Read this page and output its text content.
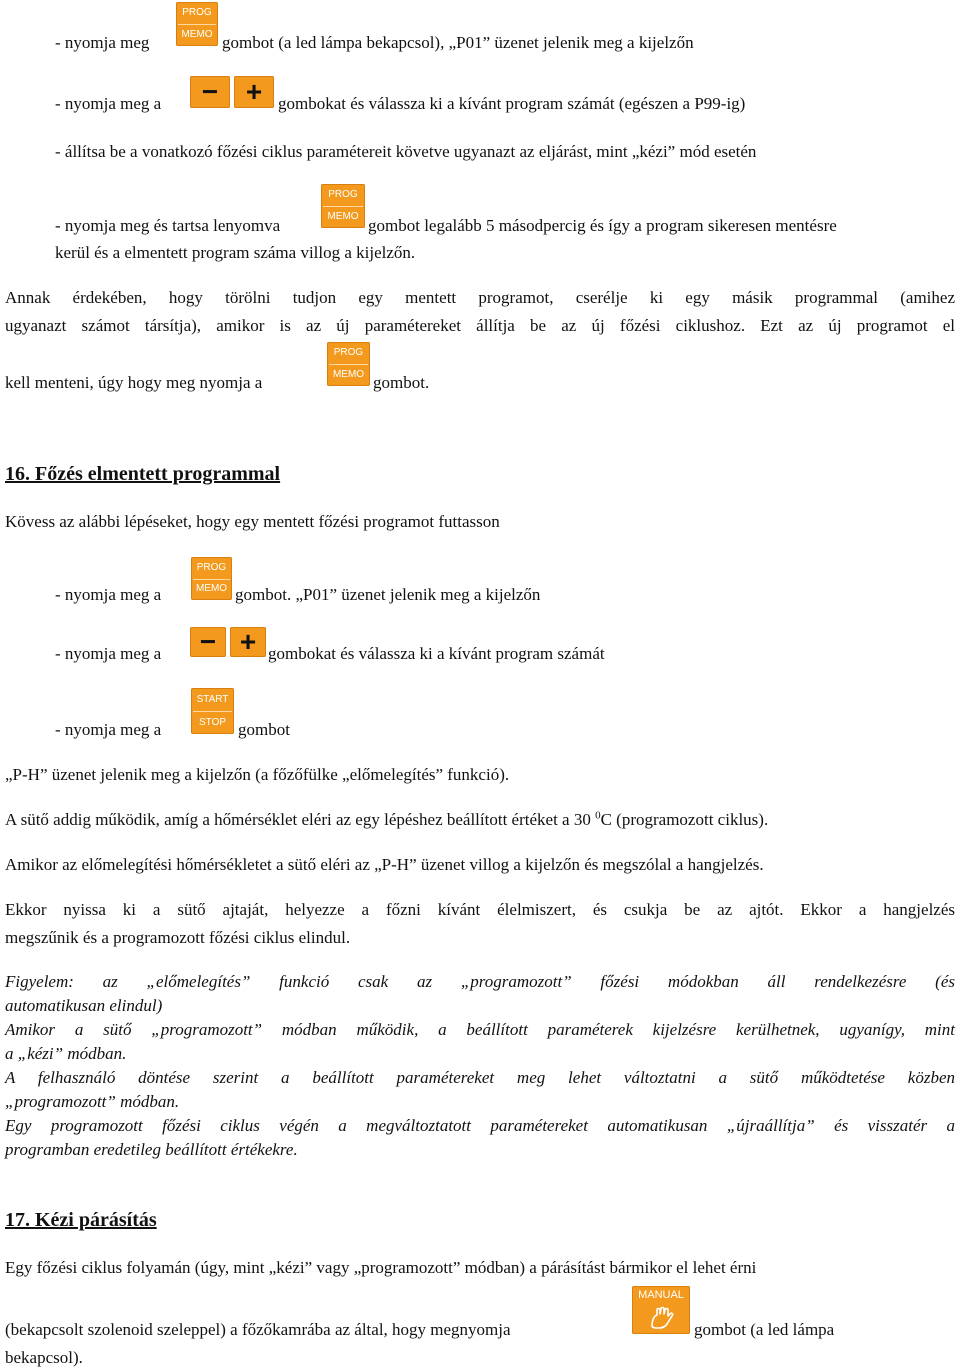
- nyomja meg
PROG
MEMO gombot (a led lámpa bekapcsol), „P01” üzenet jelenik meg a kijelzőn
- nyomja meg a	− + gombokat és válassza ki a kívánt program számát (egészen a P99-ig)
- állítsa be a vonatkozó főzési ciklus paramétereit követve ugyanazt az eljárást, mint „kézi” mód esetén
- nyomja meg és tartsa lenyomva
PROG
MEMO gombot legalább 5 másodpercig és így a program sikeresen mentésre
kerül és a elmentett program száma villog a kijelzőn.
Annak érdekében, hogy törölni tudjon egy mentett programot, cserélje ki egy másik programmal (amihez
ugyanazt számot társítja), amikor is az új paramétereket állítja be az új főzési ciklushoz. Ezt az új programot el
kell menteni, úgy hogy meg nyomja a
PROG
MEMO gombot.
16. Főzés elmentett programmal
Kövess az alábbi lépéseket, hogy egy mentett főzési programot futtasson
- nyomja meg a
PROG
MEMO gombot. „P01” üzenet jelenik meg a kijelzőn
- nyomja meg a	− + gombokat és válassza ki a kívánt program számát
- nyomja meg a
START
STOP gombot
„P-H” üzenet jelenik meg a kijelzőn (a főzőfülke „előmelegítés” funkció).
A sütő addig működik, amíg a hőmérséklet eléri az egy lépéshez beállított értéket a 30 $^0$C (programozott ciklus).
Amikor az előmelegítési hőmérsékletet a sütő eléri az „P-H” üzenet villog a kijelzőn és megszólal a hangjelzés.
Ekkor nyissa ki a sütő ajtaját, helyezze a főzni kívánt élelmiszert, és csukja be az ajtót. Ekkor a hangjelzés
megszűnik és a programozott főzési ciklus elindul.
Figyelem: az „előmelegítés” funkció csak az „programozott” főzési módokban áll rendelkezésre (és
automatikusan elindul)
Amikor a sütő „programozott” módban működik, a beállított paraméterek kijelzésre kerülhetnek, ugyanígy, mint
a „kézi” módban.
A felhasználó döntése szerint a beállított paramétereket meg lehet változtatni a sütő működtetése közben
„programozott” módban.
Egy programozott főzési ciklus végén a megváltoztatott paramétereket automatikusan „újraállítja” és visszatér a
programban eredetileg beállított értékekre.
17. Kézi párásítás
Egy főzési ciklus folyamán (úgy, mint „kézi” vagy „programozott” módban) a párásítást bármikor el lehet érni
(bekapcsolt szolenoid szeleppel) a főzőkamrába az által, hogy megnyomja
MANUAL
gombot (a led lámpa
bekapcsol).
